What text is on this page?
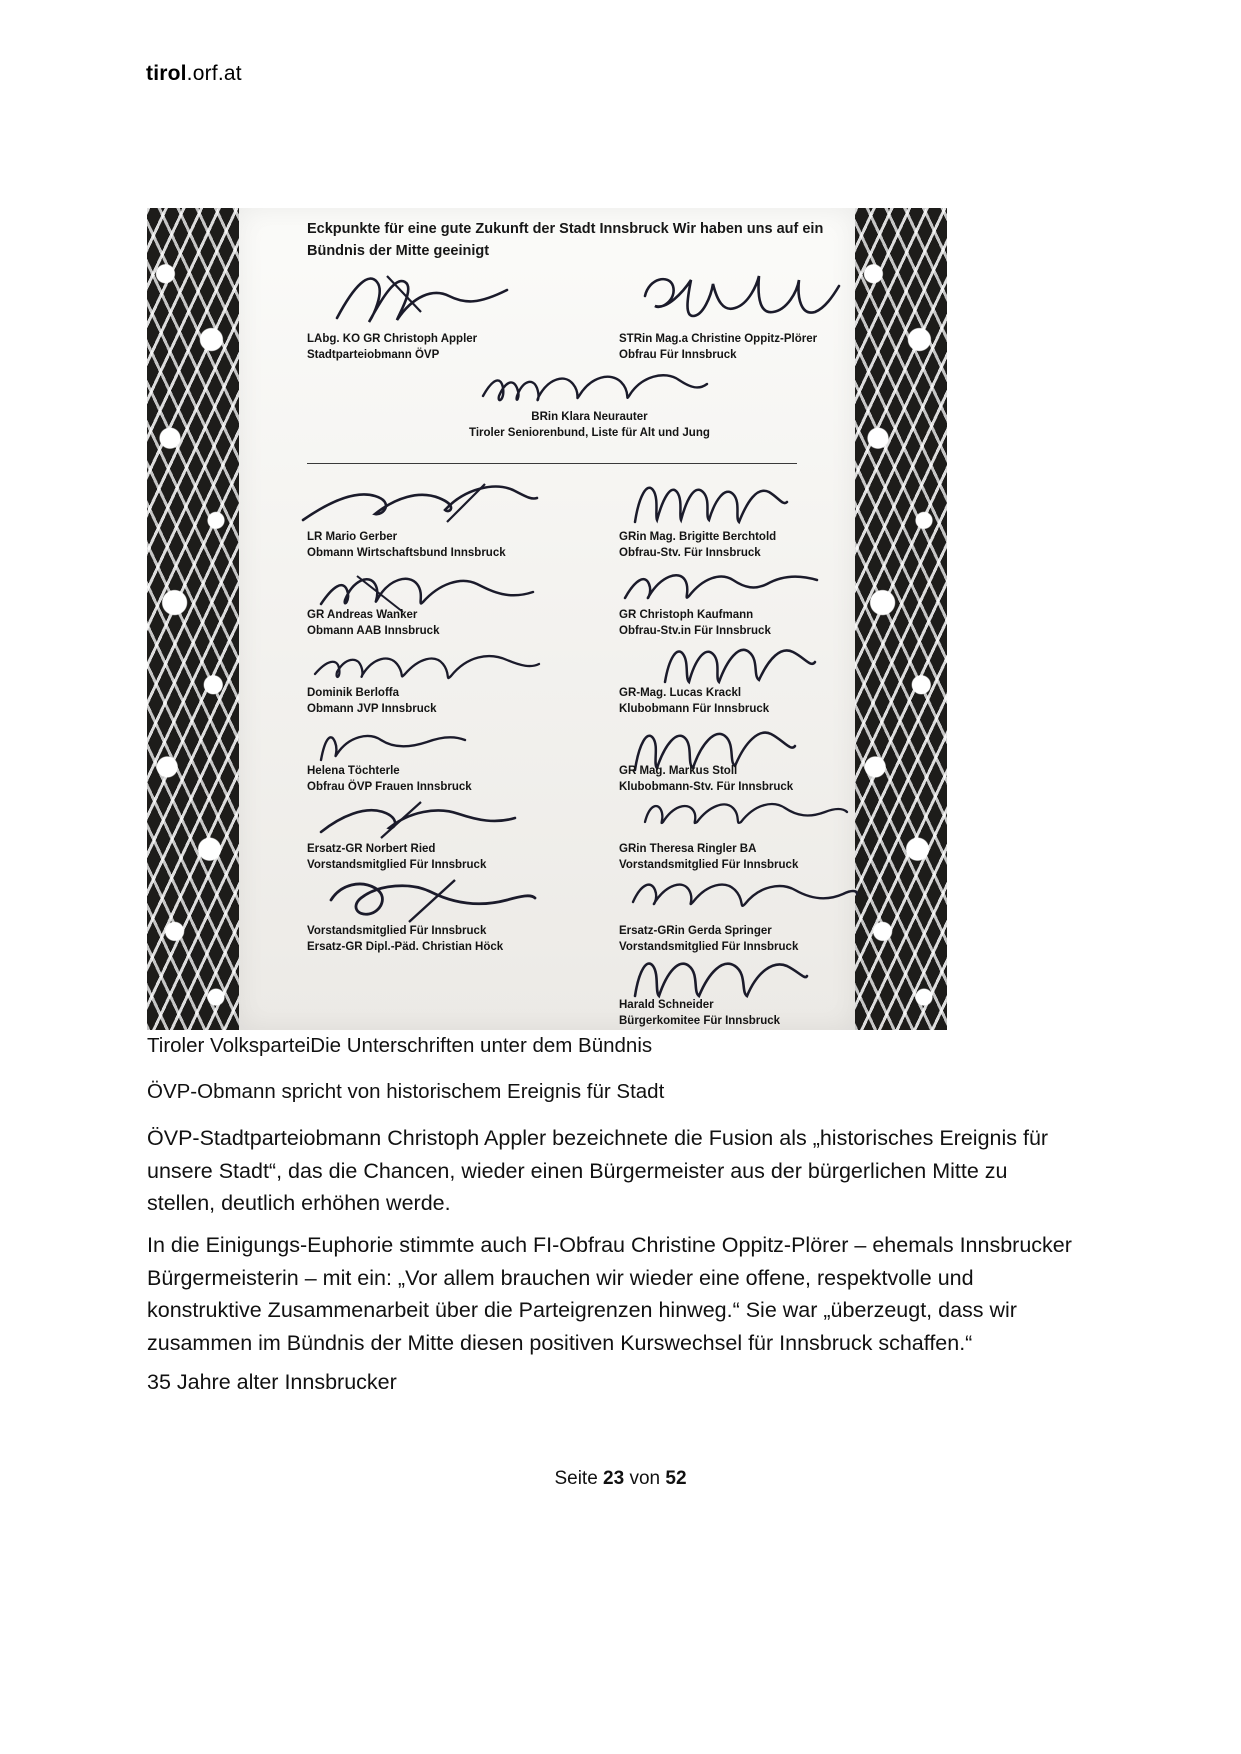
tirol.orf.at
Eckpunkte für eine gute Zukunft der Stadt Innsbruck Wir haben uns auf ein Bündnis der Mitte geeinigt
LAbg. KO GR Christoph Appler
Stadtparteiobmann ÖVP
STRin Mag.a Christine Oppitz-Plörer
Obfrau Für Innsbruck
BRin Klara Neurauter
Tiroler Seniorenbund, Liste für Alt und Jung
LR Mario Gerber
Obmann Wirtschaftsbund Innsbruck
GRin Mag. Brigitte Berchtold
Obfrau-Stv. Für Innsbruck
GR Andreas Wanker
Obmann AAB Innsbruck
GR Christoph Kaufmann
Obfrau-Stv.in Für Innsbruck
Dominik Berloffa
Obmann JVP Innsbruck
GR-Mag. Lucas Krackl
Klubobmann Für Innsbruck
Helena Töchterle
Obfrau ÖVP Frauen Innsbruck
GR Mag. Markus Stoll
Klubobmann-Stv. Für Innsbruck
Ersatz-GR Norbert Ried
Vorstandsmitglied Für Innsbruck
GRin Theresa Ringler BA
Vorstandsmitglied Für Innsbruck
Vorstandsmitglied Für Innsbruck
Ersatz-GR Dipl.-Päd. Christian Höck
Ersatz-GRin Gerda Springer
Vorstandsmitglied Für Innsbruck
Harald Schneider
Bürgerkomitee Für Innsbruck
Tiroler VolksparteiDie Unterschriften unter dem Bündnis
ÖVP-Obmann spricht von historischem Ereignis für Stadt
ÖVP-Stadtparteiobmann Christoph Appler bezeichnete die Fusion als „historisches Ereignis für unsere Stadt“, das die Chancen, wieder einen Bürgermeister aus der bürgerlichen Mitte zu stellen, deutlich erhöhen werde.
In die Einigungs-Euphorie stimmte auch FI-Obfrau Christine Oppitz-Plörer – ehemals Innsbrucker Bürgermeisterin – mit ein: „Vor allem brauchen wir wieder eine offene, respektvolle und konstruktive Zusammenarbeit über die Parteigrenzen hinweg.“ Sie war „überzeugt, dass wir zusammen im Bündnis der Mitte diesen positiven Kurswechsel für Innsbruck schaffen.“
35 Jahre alter Innsbrucker
Seite 23 von 52
